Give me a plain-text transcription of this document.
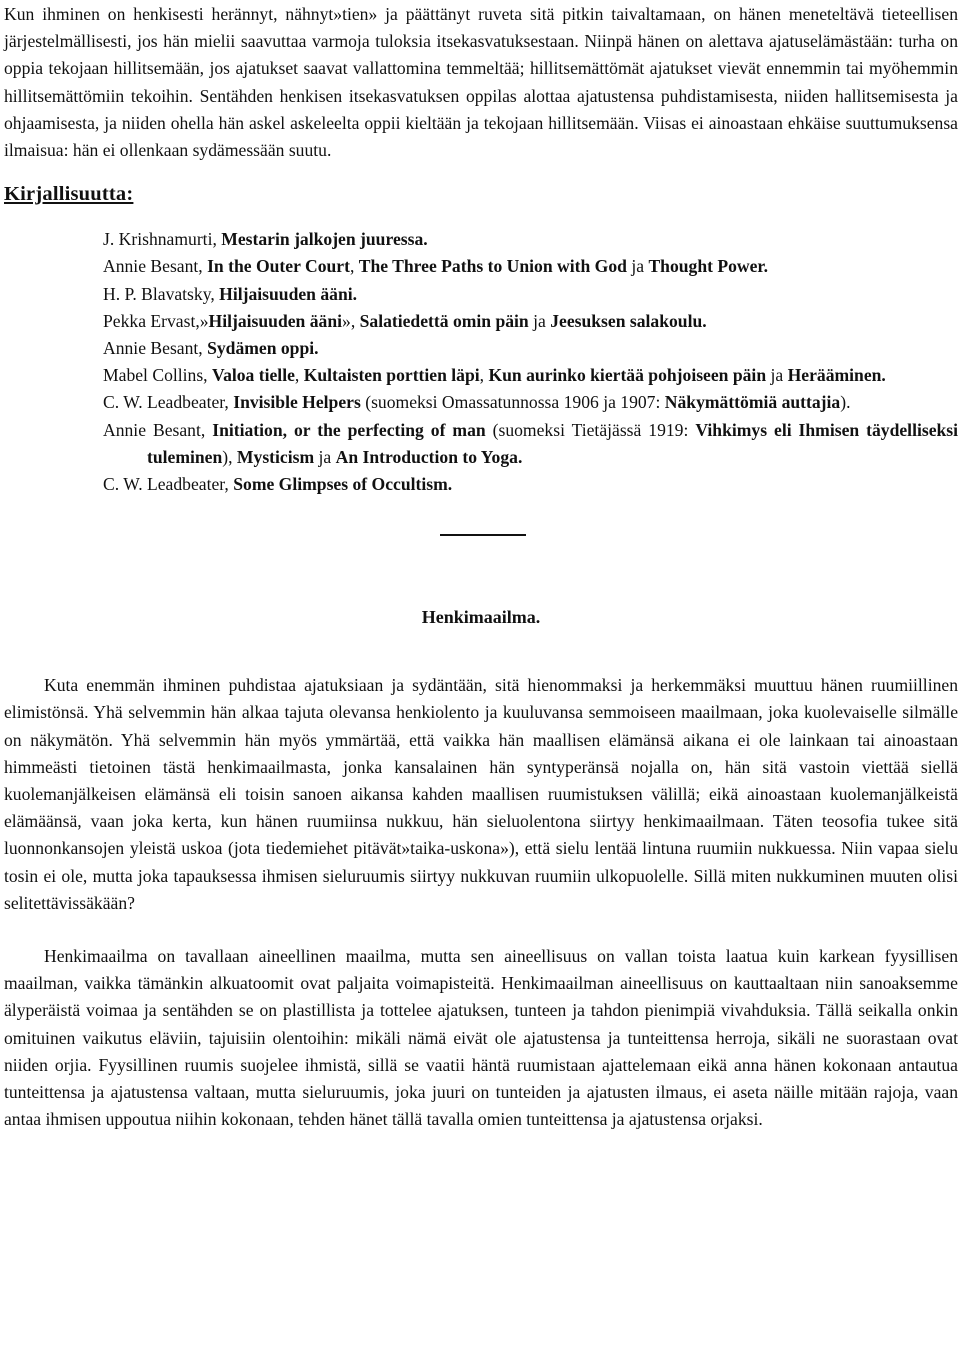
Kun ihminen on henkisesti herännyt, nähnyt»tien» ja päättänyt ruveta sitä pitkin taivaltamaan, on hänen meneteltävä tieteellisen järjestelmällisesti, jos hän mielii saavuttaa varmoja tuloksia itsekasvatuksestaan. Niinpä hänen on alettava ajatuselämästään: turha on oppia tekojaan hillitsemään, jos ajatukset saavat vallattomina temmeltää; hillitsemättömät ajatukset vievät ennemmin tai myöhemmin hillitsemättömiin tekoihin. Sentähden henkisen itsekasvatuksen oppilas alottaa ajatustensa puhdistamisesta, niiden hallitsemisesta ja ohjaamisesta, ja niiden ohella hän askel askeleelta oppii kieltään ja tekojaan hillitsemään. Viisas ei ainoastaan ehkäise suuttumuksensa ilmaisua: hän ei ollenkaan sydämessään suutu.

Kirjallisuutta:
J. Krishnamurti, Mestarin jalkojen juuressa.
Annie Besant, In the Outer Court, The Three Paths to Union with God ja Thought Power.
H. P. Blavatsky, Hiljaisuuden ääni.
Pekka Ervast,»Hiljaisuuden ääni», Salatiedettä omin päin ja Jeesuksen salakoulu.
Annie Besant, Sydämen oppi.
Mabel Collins, Valoa tielle, Kultaisten porttien läpi, Kun aurinko kiertää pohjoiseen päin ja Herääminen.
C. W. Leadbeater, Invisible Helpers (suomeksi Omassatunnossa 1906 ja 1907: Näkymättömiä auttajia).
Annie Besant, Initiation, or the perfecting of man (suomeksi Tietäjässä 1919: Vihkimys eli Ihmisen täydelliseksi tuleminen), Mysticism ja An Introduction to Yoga.
C. W. Leadbeater, Some Glimpses of Occultism.
Henkimaailma.

Kuta enemmän ihminen puhdistaa ajatuksiaan ja sydäntään, sitä hienommaksi ja herkemmäksi muuttuu hänen ruumiillinen elimistönsä. Yhä selvemmin hän alkaa tajuta olevansa henkiolento ja kuuluvansa semmoiseen maailmaan, joka kuolevaiselle silmälle on näkymätön. Yhä selvemmin hän myös ymmärtää, että vaikka hän maallisen elämänsä aikana ei ole lainkaan tai ainoastaan himmeästi tietoinen tästä henkimaailmasta, jonka kansalainen hän syntyperänsä nojalla on, hän sitä vastoin viettää siellä kuolemanjälkeisen elämänsä eli toisin sanoen aikansa kahden maallisen ruumistuksen välillä; eikä ainoastaan kuolemanjälkeistä elämäänsä, vaan joka kerta, kun hänen ruumiinsa nukkuu, hän sieluolentona siirtyy henkimaailmaan. Täten teosofia tukee sitä luonnonkansojen yleistä uskoa (jota tiedemiehet pitävät»taika-uskona»), että sielu lentää lintuna ruumiin nukkuessa. Niin vapaa sielu tosin ei ole, mutta joka tapauksessa ihmisen sieluruumis siirtyy nukkuvan ruumiin ulkopuolelle. Sillä miten nukkuminen muuten olisi selitettävissäkään?

Henkimaailma on tavallaan aineellinen maailma, mutta sen aineellisuus on vallan toista laatua kuin karkean fyysillisen maailman, vaikka tämänkin alkuatoomit ovat paljaita voimapisteitä. Henkimaailman aineellisuus on kauttaaltaan niin sanoaksemme älyperäistä voimaa ja sentähden se on plastillista ja tottelee ajatuksen, tunteen ja tahdon pienimpiä vivahduksia. Tällä seikalla onkin omituinen vaikutus eläviin, tajuisiin olentoihin: mikäli nämä eivät ole ajatustensa ja tunteittensa herroja, sikäli ne suorastaan ovat niiden orjia. Fyysillinen ruumis suojelee ihmistä, sillä se vaatii häntä ruumistaan ajattelemaan eikä anna hänen kokonaan antautua tunteittensa ja ajatustensa valtaan, mutta sieluruumis, joka juuri on tunteiden ja ajatusten ilmaus, ei aseta näille mitään rajoja, vaan antaa ihmisen uppoutua niihin kokonaan, tehden hänet tällä tavalla omien tunteittensa ja ajatustensa orjaksi.
